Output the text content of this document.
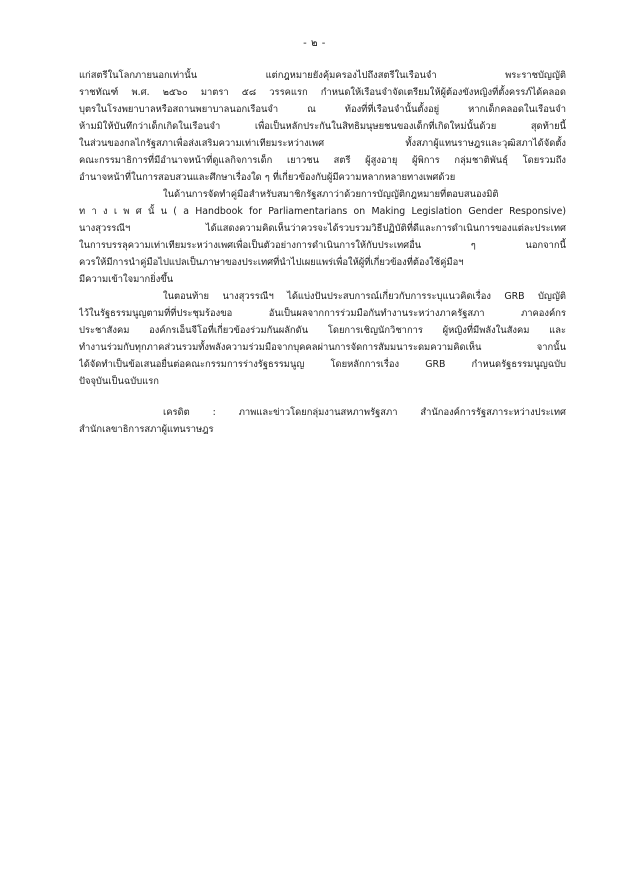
- ๒ -
แก่สตรีในโลกภายนอกเท่านั้น แต่กฎหมายยังคุ้มครองไปถึงสตรีในเรือนจำ พระราชบัญญัติ
ราชทัณฑ์ พ.ศ. ๒๕๖๐ มาตรา ๕๘ วรรคแรก กำหนดให้เรือนจำจัดเตรียมให้ผู้ต้องขังหญิงที่ตั้งครรภ์ได้คลอด
บุตรในโรงพยาบาลหรือสถานพยาบาลนอกเรือนจำ ณ ท้องที่ที่เรือนจำนั้นตั้งอยู่ หากเด็กคลอดในเรือนจำ
ห้ามมิให้บันทึกว่าเด็กเกิดในเรือนจำ เพื่อเป็นหลักประกันในสิทธิมนุษยชนของเด็กที่เกิดใหม่นั้นด้วย สุดท้ายนี้
ในส่วนของกลไกรัฐสภาเพื่อส่งเสริมความเท่าเทียมระหว่างเพศ ทั้งสภาผู้แทนราษฎรและวุฒิสภาได้จัดตั้ง
คณะกรรมาธิการที่มีอำนาจหน้าที่ดูแลกิจการเด็ก เยาวชน สตรี ผู้สูงอายุ ผู้พิการ กลุ่มชาติพันธุ์ โดยรวมถึง
อำนาจหน้าที่ในการสอบสวนและศึกษาเรื่องใด ๆ ที่เกี่ยวข้องกับผู้มีความหลากหลายทางเพศด้วย
ในด้านการจัดทำคู่มือสำหรับสมาชิกรัฐสภาว่าด้วยการบัญญัติกฎหมายที่ตอบสนองมิติ
ท า ง เ พ ศ นั้ น ( a Handbook for Parliamentarians on Making Legislation Gender Responsive)
นางสุวรรณีฯ ได้แสดงความคิดเห็นว่าควรจะได้รวบรวมวิธีปฏิบัติที่ดีและการดำเนินการของแต่ละประเทศ
ในการบรรลุความเท่าเทียมระหว่างเพศเพื่อเป็นตัวอย่างการดำเนินการให้กับประเทศอื่น ๆ นอกจากนี้
ควรให้มีการนำคู่มือไปแปลเป็นภาษาของประเทศที่นำไปเผยแพร่เพื่อให้ผู้ที่เกี่ยวข้องที่ต้องใช้คู่มือฯ
มีความเข้าใจมากยิ่งขึ้น
ในตอนท้าย นางสุวรรณีฯ ได้แบ่งปันประสบการณ์เกี่ยวกับการระบุแนวคิดเรื่อง GRB บัญญัติ
ไว้ในรัฐธรรมนูญตามที่ที่ประชุมร้องขอ อันเป็นผลจากการร่วมมือกันทำงานระหว่างภาครัฐสภา ภาคองค์กร
ประชาสังคม องค์กรเอ็นจีโอที่เกี่ยวข้องร่วมกันผลักดัน โดยการเชิญนักวิชาการ ผู้หญิงที่มีพลังในสังคม และ
ทำงานร่วมกับทุกภาคส่วนรวมทั้งพลังความร่วมมือจากบุคคลผ่านการจัดการสัมมนาระดมความคิดเห็น จากนั้น
ได้จัดทำเป็นข้อเสนอยื่นต่อคณะกรรมการร่างรัฐธรรมนูญ โดยหลักการเรื่อง GRB กำหนดรัฐธรรมนูญฉบับ
ปัจจุบันเป็นฉบับแรก
เครดิต : ภาพและข่าวโดยกลุ่มงานสหภาพรัฐสภา สำนักองค์การรัฐสภาระหว่างประเทศ
สำนักเลขาธิการสภาผู้แทนราษฎร
